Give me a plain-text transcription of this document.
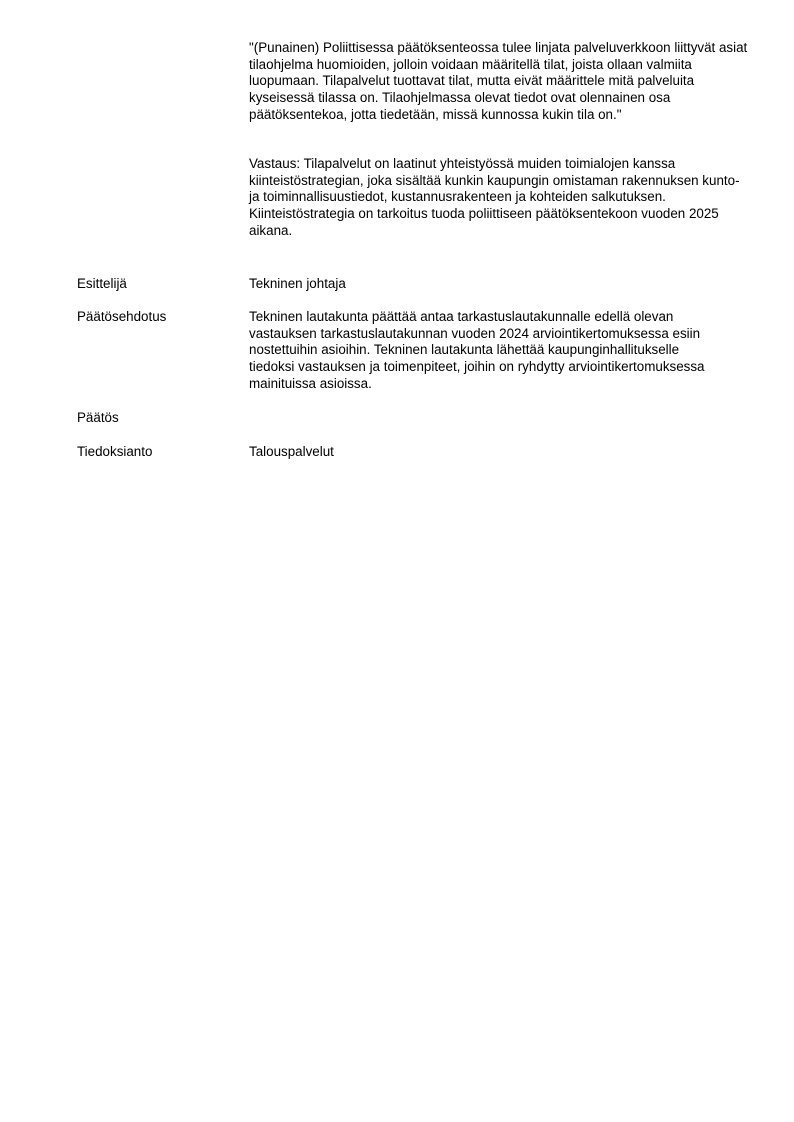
"(Punainen) Poliittisessa päätöksenteossa tulee linjata palveluverkkoon liittyvät asiat tilaohjelma huomioiden, jolloin voidaan määritellä tilat, joista ollaan valmiita luopumaan. Tilapalvelut tuottavat tilat, mutta eivät määrittele mitä palveluita kyseisessä tilassa on. Tilaohjelmassa olevat tiedot ovat olennainen osa päätöksentekoa, jotta tiedetään, missä kunnossa kukin tila on."

Vastaus: Tilapalvelut on laatinut yhteistyössä muiden toimialojen kanssa kiinteistöstrategian, joka sisältää kunkin kaupungin omistaman rakennuksen kunto- ja toiminnallisuustiedot, kustannusrakenteen ja kohteiden salkutuksen. Kiinteistöstrategia on tarkoitus tuoda poliittiseen päätöksentekoon vuoden 2025 aikana.

Esittelijä	Tekninen johtaja

Päätösehdotus	Tekninen lautakunta päättää antaa tarkastuslautakunnalle edellä olevan vastauksen tarkastuslautakunnan vuoden 2024 arviointikertomuksessa esiin nostettuihin asioihin. Tekninen lautakunta lähettää kaupunginhallitukselle tiedoksi vastauksen ja toimenpiteet, joihin on ryhdytty arviointikertomuksessa mainituissa asioissa.

Päätös

Tiedoksianto	Talouspalvelut
